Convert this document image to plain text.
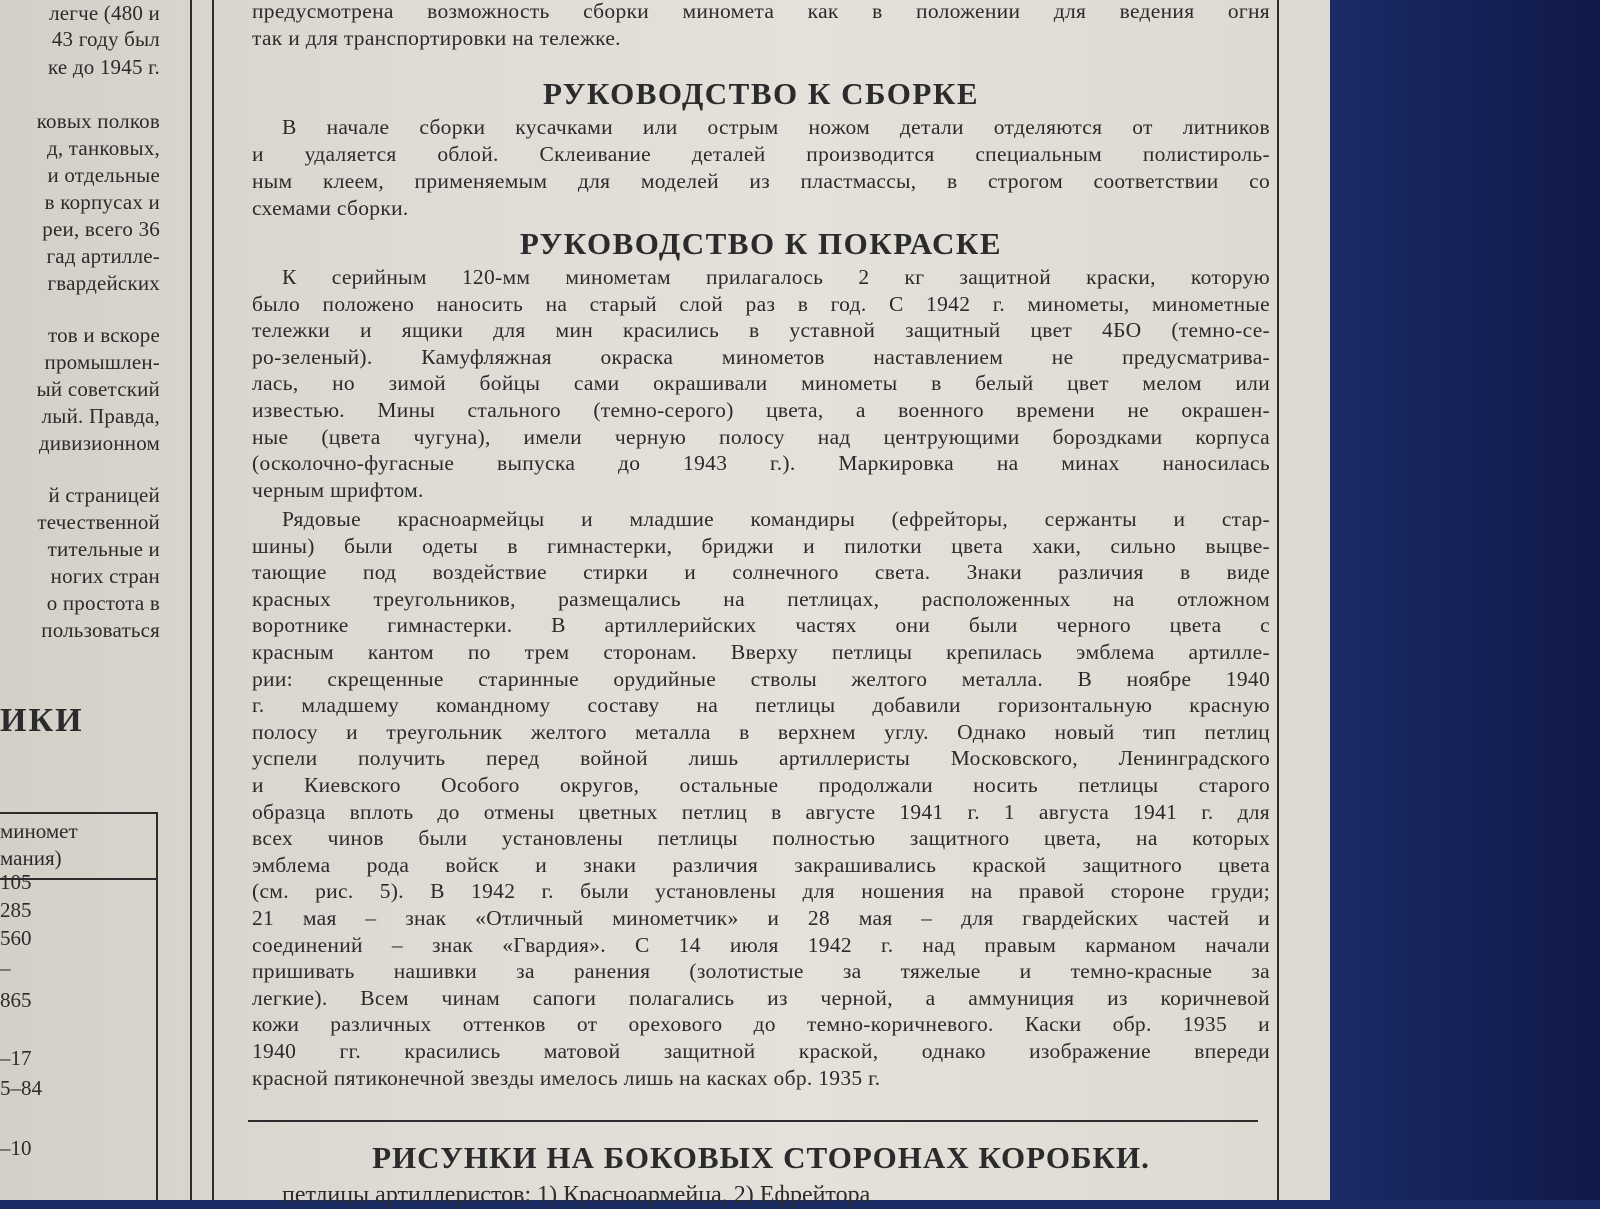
ИКИ
миномет
мания)
105
285
560
–
865
–17
5–84
–10
легче (480 и
43 году был
ке до 1945 г.
ковых полков
д, танковых,
и отдельные
в корпусах и
реи, всего 36
гад артилле-
гвардейских
тов и вскоре
промышлен-
ый советский
лый. Правда,
дивизионном
й страницей
течественной
тительные и
ногих стран
о простота в
пользоваться
РУКОВОДСТВО К СБОРКЕ
РУКОВОДСТВО К ПОКРАСКЕ
РИСУНКИ НА БОКОВЫХ СТОРОНАХ КОРОБКИ.
петлицы артиллеристов: 1) Красноармейца, 2) Ефрейтора
предусмотрена возможность сборки миномета как в положении для ведения огня
так и для транспортировки на тележке.
В начале сборки кусачками или острым ножом детали отделяются от литников
и удаляется облой. Склеивание деталей производится специальным полистироль-
ным клеем, применяемым для моделей из пластмассы, в строгом соответствии со
схемами сборки.
К серийным 120-мм минометам прилагалось 2 кг защитной краски, которую
было положено наносить на старый слой раз в год. С 1942 г. минометы, минометные
тележки и ящики для мин красились в уставной защитный цвет 4БО (темно-се-
ро-зеленый). Камуфляжная окраска минометов наставлением не предусматрива-
лась, но зимой бойцы сами окрашивали минометы в белый цвет мелом или
известью. Мины стального (темно-серого) цвета, а военного времени не окрашен-
ные (цвета чугуна), имели черную полосу над центрующими бороздками корпуса
(осколочно-фугасные выпуска до 1943 г.). Маркировка на минах наносилась
черным шрифтом.
Рядовые красноармейцы и младшие командиры (ефрейторы, сержанты и стар-
шины) были одеты в гимнастерки, бриджи и пилотки цвета хаки, сильно выцве-
тающие под воздействие стирки и солнечного света. Знаки различия в виде
красных треугольников, размещались на петлицах, расположенных на отложном
воротнике гимнастерки. В артиллерийских частях они были черного цвета с
красным кантом по трем сторонам. Вверху петлицы крепилась эмблема артилле-
рии: скрещенные старинные орудийные стволы желтого металла. В ноябре 1940
г. младшему командному составу на петлицы добавили горизонтальную красную
полосу и треугольник желтого металла в верхнем углу. Однако новый тип петлиц
успели получить перед войной лишь артиллеристы Московского, Ленинградского
и Киевского Особого округов, остальные продолжали носить петлицы старого
образца вплоть до отмены цветных петлиц в августе 1941 г. 1 августа 1941 г. для
всех чинов были установлены петлицы полностью защитного цвета, на которых
эмблема рода войск и знаки различия закрашивались краской защитного цвета
(см. рис. 5). В 1942 г. были установлены для ношения на правой стороне груди;
21 мая – знак «Отличный минометчик» и 28 мая – для гвардейских частей и
соединений – знак «Гвардия». С 14 июля 1942 г. над правым карманом начали
пришивать нашивки за ранения (золотистые за тяжелые и темно-красные за
легкие). Всем чинам сапоги полагались из черной, а аммуниция из коричневой
кожи различных оттенков от орехового до темно-коричневого. Каски обр. 1935 и
1940 гг. красились матовой защитной краской, однако изображение впереди
красной пятиконечной звезды имелось лишь на касках обр. 1935 г.
